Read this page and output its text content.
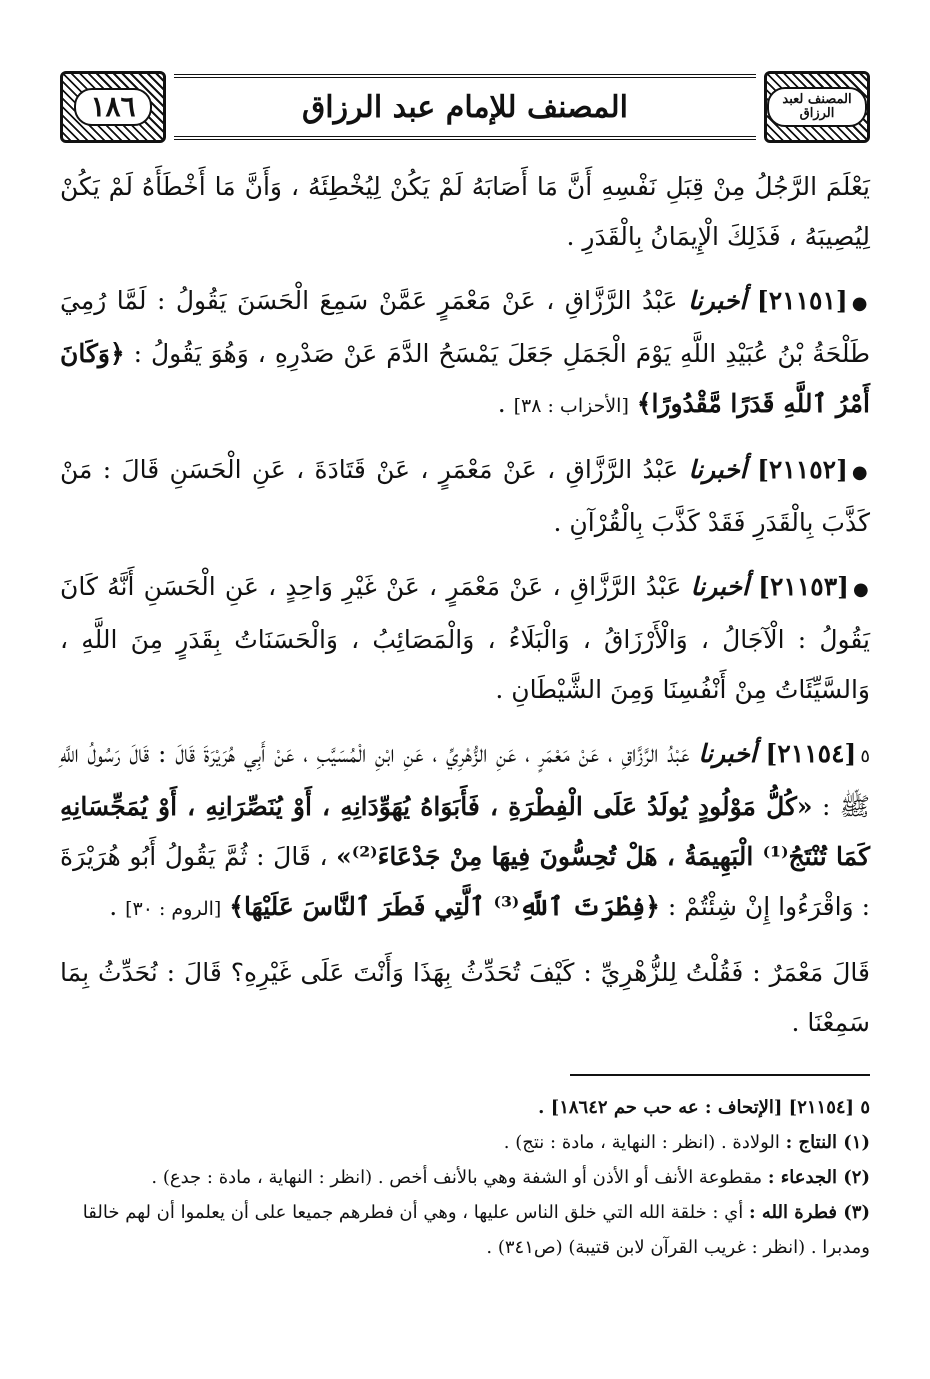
١٨٦	المصنف للإمام عبد الرزاق	المصنف لعبد الرزاق

يَعْلَمَ الرَّجُلُ مِنْ قِبَلِ نَفْسِهِ أَنَّ مَا أَصَابَهُ لَمْ يَكُنْ لِيُخْطِئَهُ ، وَأَنَّ مَا أَخْطَأَهُ لَمْ يَكُنْ لِيُصِيبَهُ ، فَذَلِكَ الْإِيمَانُ بِالْقَدَرِ .

●[٢١١٥١] أخبرنا عَبْدُ الرَّزَّاقِ ، عَنْ مَعْمَرٍ عَمَّنْ سَمِعَ الْحَسَنَ يَقُولُ : لَمَّا رُمِيَ طَلْحَةُ بْنُ عُبَيْدِ اللَّهِ يَوْمَ الْجَمَلِ جَعَلَ يَمْسَحُ الدَّمَ عَنْ صَدْرِهِ ، وَهُوَ يَقُولُ : ﴿وَكَانَ أَمْرُ ٱللَّهِ قَدَرًا مَّقْدُورًا﴾ [الأحزاب : ٣٨] .

●[٢١١٥٢] أخبرنا عَبْدُ الرَّزَّاقِ ، عَنْ مَعْمَرٍ ، عَنْ قَتَادَةَ ، عَنِ الْحَسَنِ قَالَ : مَنْ كَذَّبَ بِالْقَدَرِ فَقَدْ كَذَّبَ بِالْقُرْآنِ .

●[٢١١٥٣] أخبرنا عَبْدُ الرَّزَّاقِ ، عَنْ مَعْمَرٍ ، عَنْ غَيْرِ وَاحِدٍ ، عَنِ الْحَسَنِ أَنَّهُ كَانَ يَقُولُ : الْآجَالُ ، وَالْأَرْزَاقُ ، وَالْبَلَاءُ ، وَالْمَصَائِبُ ، وَالْحَسَنَاتُ بِقَدَرٍ مِنَ اللَّهِ ، وَالسَّيِّئَاتُ مِنْ أَنْفُسِنَا وَمِنَ الشَّيْطَانِ .

٥[٢١١٥٤] أخبرنا عَبْدُ الرَّزَّاقِ ، عَنْ مَعْمَرٍ ، عَنِ الزُّهْرِيِّ ، عَنِ ابْنِ الْمُسَيَّبِ ، عَنْ أَبِي هُرَيْرَةَ قَالَ : قَالَ رَسُولُ اللَّهِ ﷺ : «كُلُّ مَوْلُودٍ يُولَدُ عَلَى الْفِطْرَةِ ، فَأَبَوَاهُ يُهَوِّدَانِهِ ، أَوْ يُنَصِّرَانِهِ ، أَوْ يُمَجِّسَانِهِ كَمَا تُنْتَجُ⁽¹⁾ الْبَهِيمَةُ ، هَلْ تُحِسُّونَ فِيهَا مِنْ جَدْعَاءَ⁽²⁾» ، قَالَ : ثُمَّ يَقُولُ أَبُو هُرَيْرَةَ : وَاقْرَءُوا إِنْ شِئْتُمْ : ﴿فِطْرَتَ ٱللَّهِ⁽³⁾ ٱلَّتِي فَطَرَ ٱلنَّاسَ عَلَيْهَا﴾ [الروم : ٣٠] .

قَالَ مَعْمَرٌ : فَقُلْتُ لِلزُّهْرِيِّ : كَيْفَ تُحَدِّثُ بِهَذَا وَأَنْتَ عَلَى غَيْرِهِ؟ قَالَ : نُحَدِّثُ بِمَا سَمِعْنَا .

٥ [٢١١٥٤] [الإتحاف : عه حب حم ١٨٦٤٢] .

(١) النتاج : الولادة . (انظر : النهاية ، مادة : نتج) .

(٢) الجدعاء : مقطوعة الأنف أو الأذن أو الشفة وهي بالأنف أخص . (انظر : النهاية ، مادة : جدع) .

(٣) فطرة الله : أي : خلقة الله التي خلق الناس عليها ، وهي أن فطرهم جميعا على أن يعلموا أن لهم خالقا ومدبرا . (انظر : غريب القرآن لابن قتيبة) (ص٣٤١) .
